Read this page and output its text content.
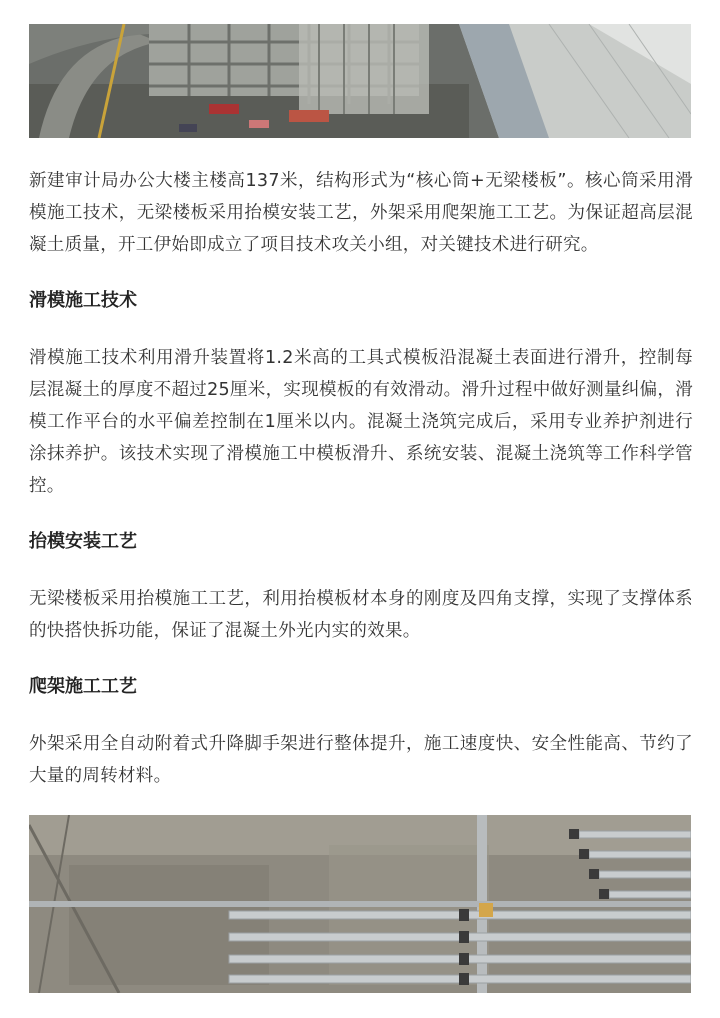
新建审计局办公大楼主楼高137米，结构形式为“核心筒+无梁楼板”。核心筒采用滑模施工技术，无梁楼板采用抬模安装工艺，外架采用爬架施工工艺。为保证超高层混凝土质量，开工伊始即成立了项目技术攻关小组，对关键技术进行研究。

滑模施工技术

滑模施工技术利用滑升装置将1.2米高的工具式模板沿混凝土表面进行滑升，控制每层混凝土的厚度不超过25厘米，实现模板的有效滑动。滑升过程中做好测量纠偏，滑模工作平台的水平偏差控制在1厘米以内。混凝土浇筑完成后，采用专业养护剂进行涂抹养护。该技术实现了滑模施工中模板滑升、系统安装、混凝土浇筑等工作科学管控。

抬模安装工艺

无梁楼板采用抬模施工工艺，利用抬模板材本身的刚度及四角支撑，实现了支撑体系的快搭快拆功能，保证了混凝土外光内实的效果。

爬架施工工艺

外架采用全自动附着式升降脚手架进行整体提升，施工速度快、安全性能高、节约了大量的周转材料。
